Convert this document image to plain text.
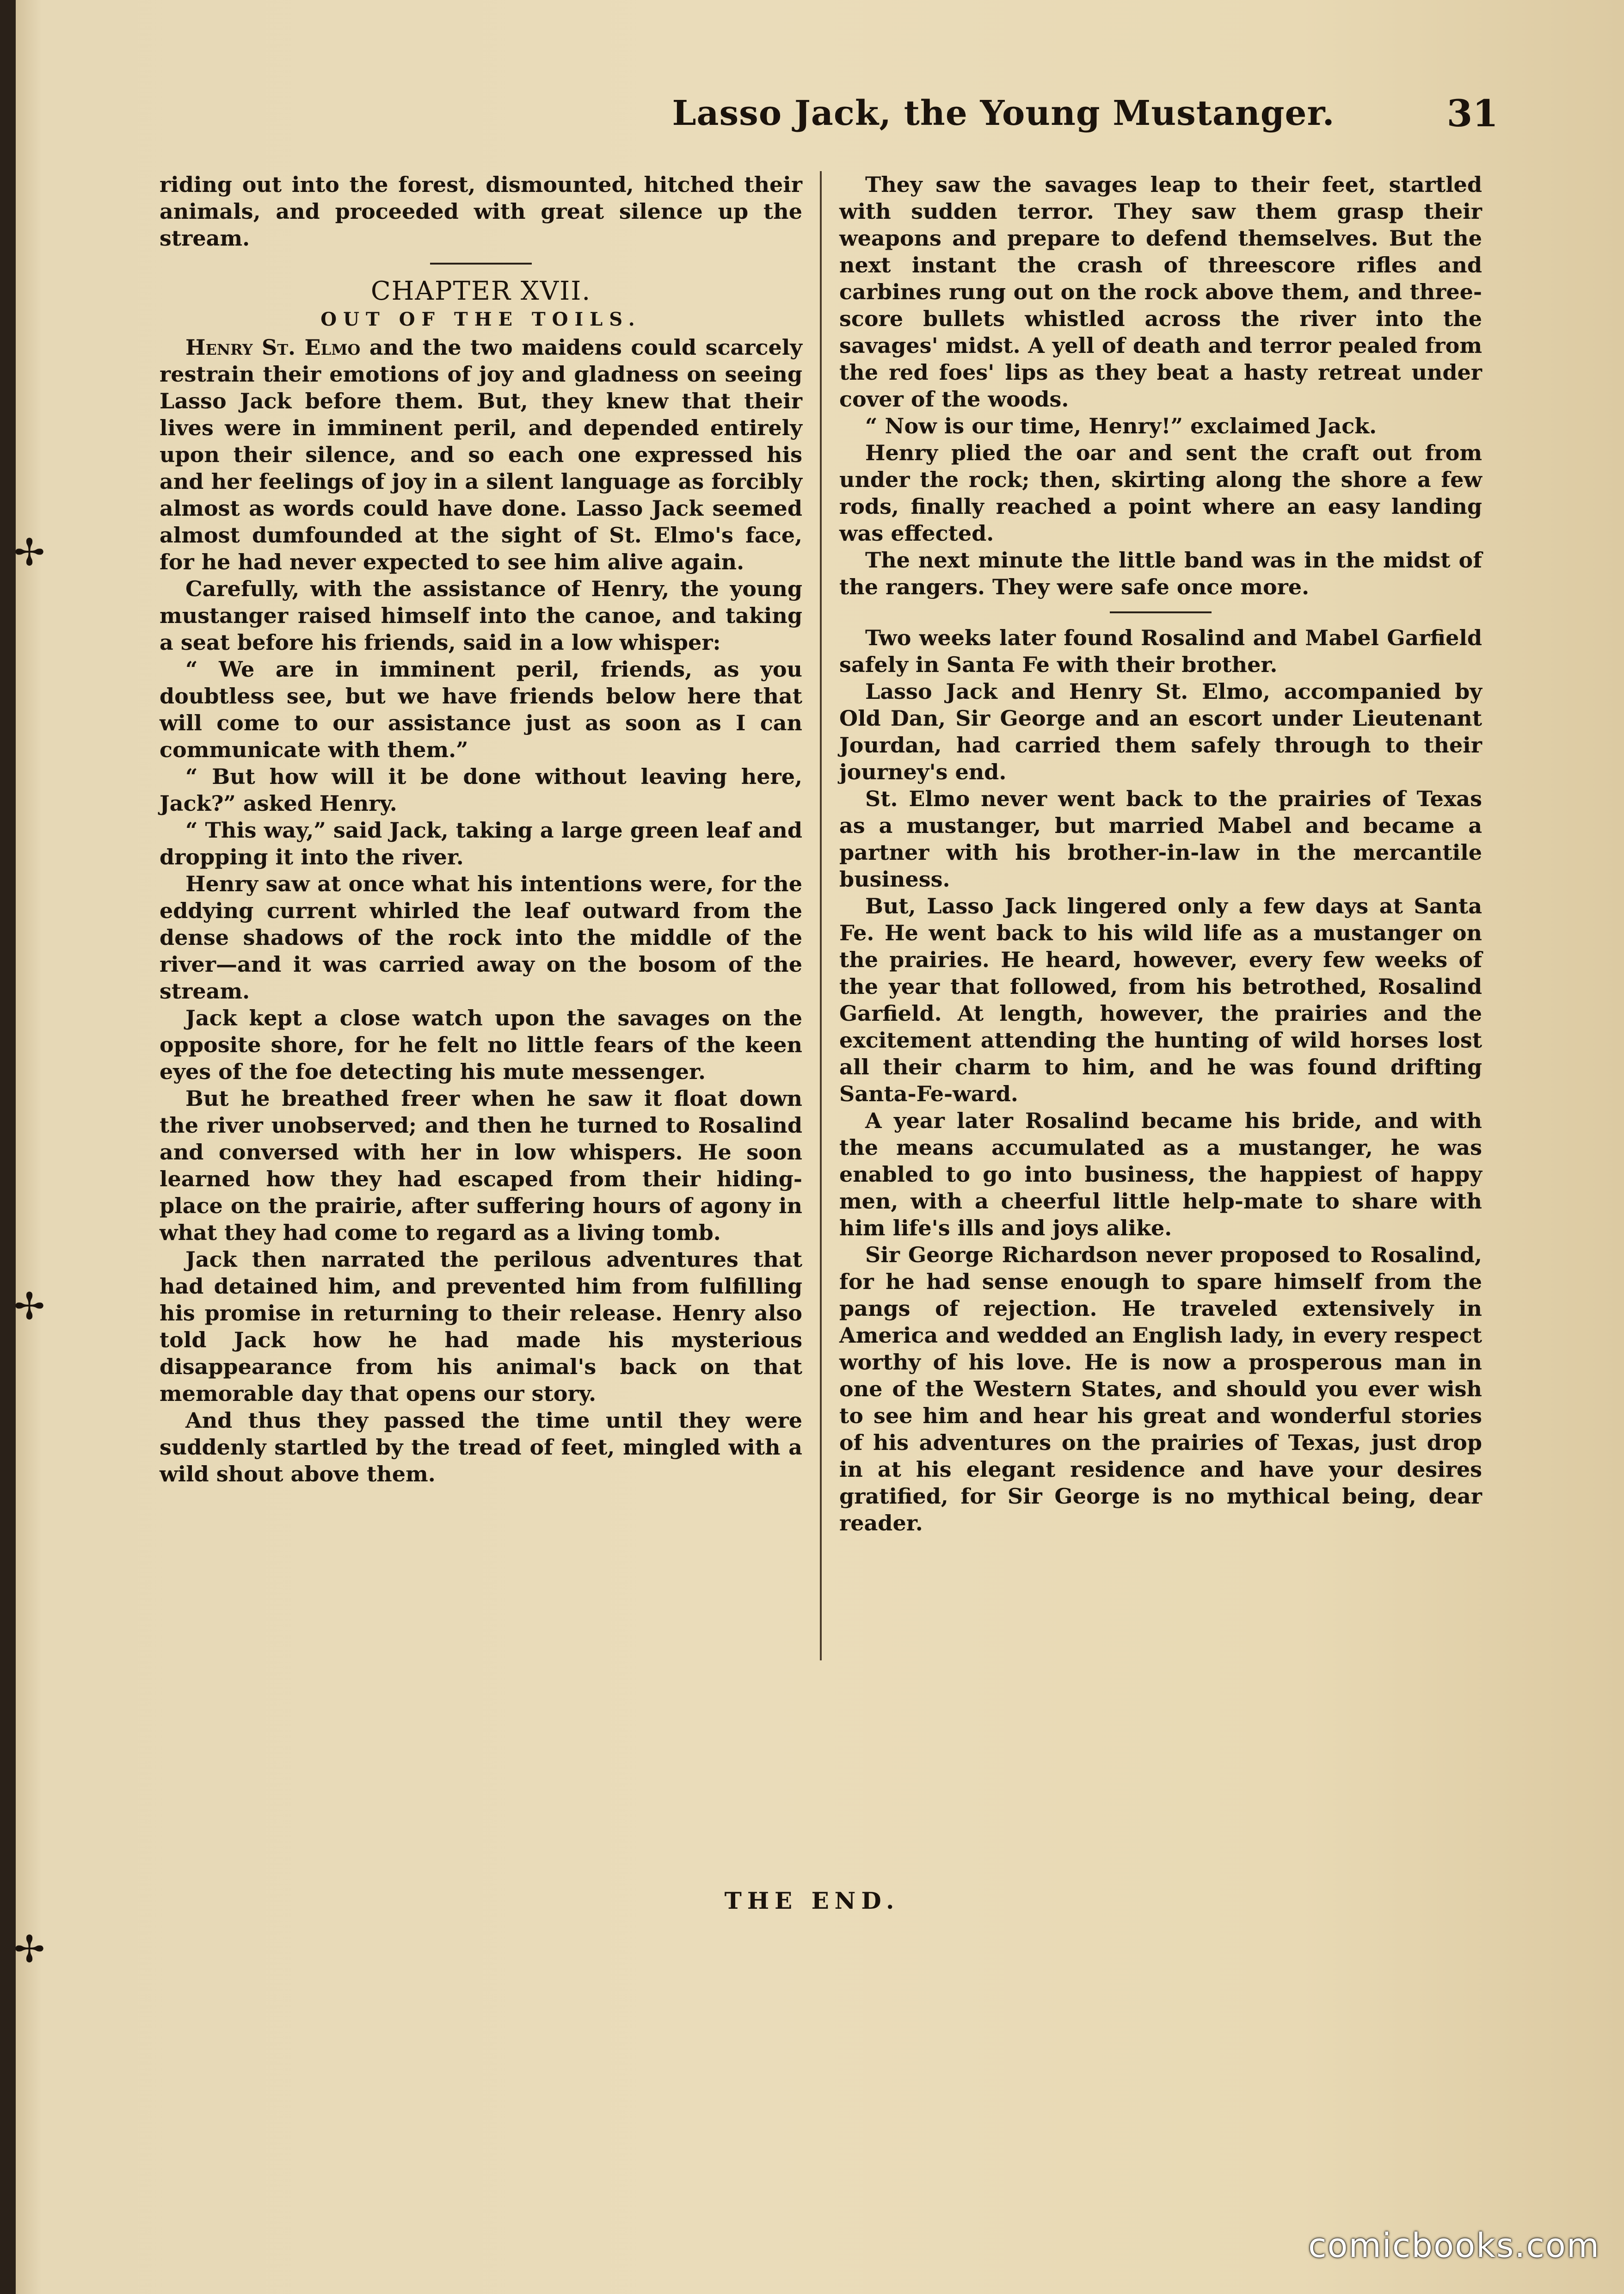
✢
✢
✢
Lasso Jack, the Young Mustanger.	31

riding out into the forest, dismounted, hitched their animals, and proceeded with great silence up the stream.

CHAPTER XVII.
OUT OF THE TOILS.

Henry St. Elmo and the two maidens could scarcely restrain their emotions of joy and gladness on seeing Lasso Jack before them. But, they knew that their lives were in imminent peril, and depended entirely upon their silence, and so each one expressed his and her feelings of joy in a silent language as forcibly almost as words could have done. Lasso Jack seemed almost dumfounded at the sight of St. Elmo's face, for he had never expected to see him alive again.

Carefully, with the assistance of Henry, the young mustanger raised himself into the canoe, and taking a seat before his friends, said in a low whisper:

“ We are in imminent peril, friends, as you doubtless see, but we have friends below here that will come to our assistance just as soon as I can communicate with them.”

“ But how will it be done without leaving here, Jack?” asked Henry.

“ This way,” said Jack, taking a large green leaf and dropping it into the river.

Henry saw at once what his intentions were, for the eddying current whirled the leaf outward from the dense shadows of the rock into the middle of the river—and it was carried away on the bosom of the stream.

Jack kept a close watch upon the savages on the opposite shore, for he felt no little fears of the keen eyes of the foe detecting his mute messenger.

But he breathed freer when he saw it float down the river unobserved; and then he turned to Rosalind and conversed with her in low whispers. He soon learned how they had escaped from their hiding-place on the prairie, after suffering hours of agony in what they had come to regard as a living tomb.

Jack then narrated the perilous adventures that had detained him, and prevented him from fulfilling his promise in returning to their release. Henry also told Jack how he had made his mysterious disappearance from his animal's back on that memorable day that opens our story.

And thus they passed the time until they were suddenly startled by the tread of feet, mingled with a wild shout above them.

They saw the savages leap to their feet, startled with sudden terror. They saw them grasp their weapons and prepare to defend themselves. But the next instant the crash of threescore rifles and carbines rung out on the rock above them, and three-score bullets whistled across the river into the savages' midst. A yell of death and terror pealed from the red foes' lips as they beat a hasty retreat under cover of the woods.

“ Now is our time, Henry!” exclaimed Jack.

Henry plied the oar and sent the craft out from under the rock; then, skirting along the shore a few rods, finally reached a point where an easy landing was effected.

The next minute the little band was in the midst of the rangers. They were safe once more.

Two weeks later found Rosalind and Mabel Garfield safely in Santa Fe with their brother.

Lasso Jack and Henry St. Elmo, accompanied by Old Dan, Sir George and an escort under Lieutenant Jourdan, had carried them safely through to their journey's end.

St. Elmo never went back to the prairies of Texas as a mustanger, but married Mabel and became a partner with his brother-in-law in the mercantile business.

But, Lasso Jack lingered only a few days at Santa Fe. He went back to his wild life as a mustanger on the prairies. He heard, however, every few weeks of the year that followed, from his betrothed, Rosalind Garfield. At length, however, the prairies and the excitement attending the hunting of wild horses lost all their charm to him, and he was found drifting Santa-Fe-ward.

A year later Rosalind became his bride, and with the means accumulated as a mustanger, he was enabled to go into business, the happiest of happy men, with a cheerful little help-mate to share with him life's ills and joys alike.

Sir George Richardson never proposed to Rosalind, for he had sense enough to spare himself from the pangs of rejection. He traveled extensively in America and wedded an English lady, in every respect worthy of his love. He is now a prosperous man in one of the Western States, and should you ever wish to see him and hear his great and wonderful stories of his adventures on the prairies of Texas, just drop in at his elegant residence and have your desires gratified, for Sir George is no mythical being, dear reader.

THE END.
comicbooks.com
